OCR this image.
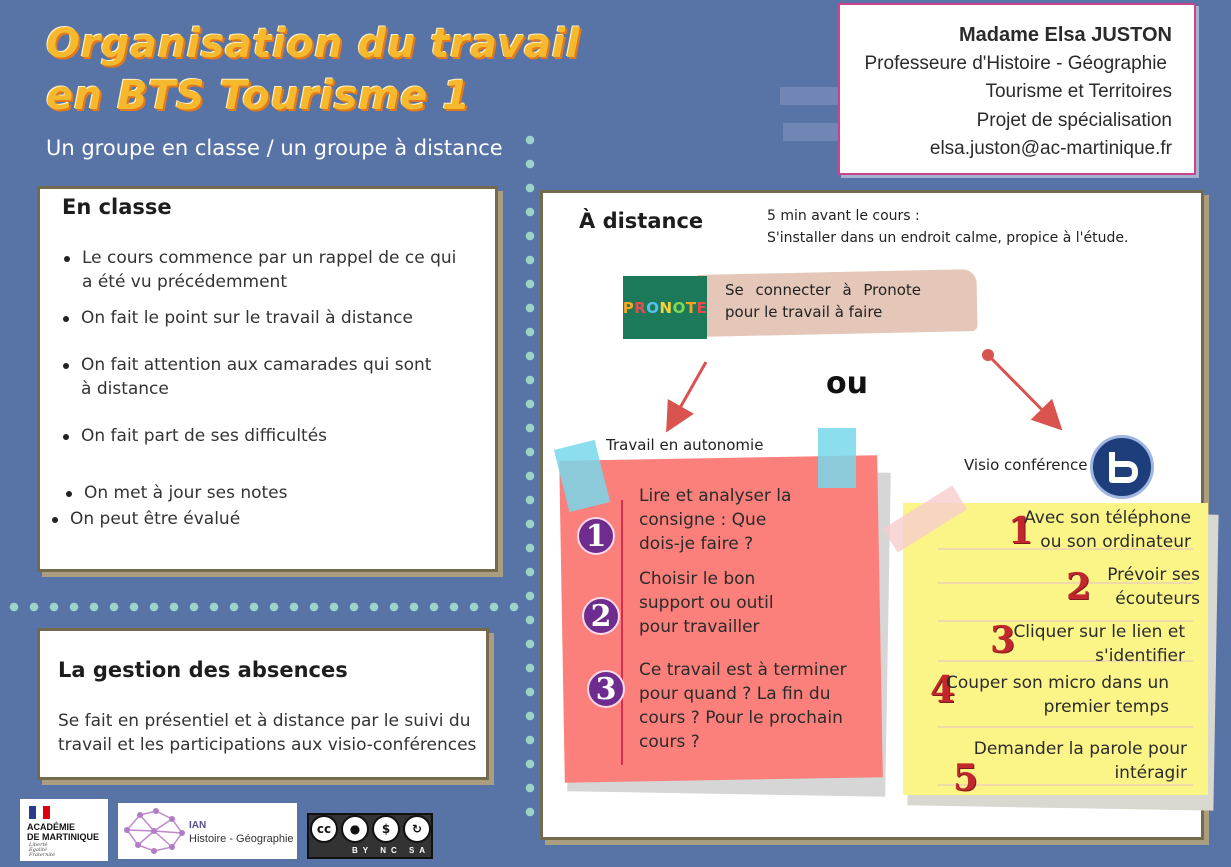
Organisation du travail
en BTS Tourisme 1
Un groupe en classe / un groupe à distance
Madame Elsa JUSTON
Professeure d'Histoire - Géographie
Tourisme et Territoires
Projet de spécialisation
elsa.juston@ac-martinique.fr
En classe
Le cours commence par un rappel de ce qui a été vu précédemment
On fait le point sur le travail à distance
On fait attention aux camarades qui sont à distance
On fait part de ses difficultés
On met à jour ses notes
On peut être évalué
La gestion des absences

Se fait en présentiel et à distance par le suivi du travail et les participations aux visio-conférences

À distance	5 min avant le cours :
S'installer dans un endroit calme, propice à l'étude.
PRONOTE
Se connecter à Pronote pour le travail à faire
ou
Travail en autonomie
Visio conférence
1
Lire et analyser la consigne : Que dois-je faire ?
2
Choisir le bon support ou outil pour travailler
3
Ce travail est à terminer pour quand ? La fin du cours ? Pour le prochain cours ?
1
Avec son téléphone
ou son ordinateur
2 Prévoir ses
écouteurs
3
Cliquer sur le lien et
s'identifier
4
Couper son micro dans un
premier temps
5
Demander la parole pour
intéragir
ACADÉMIE
DE MARTINIQUE
Liberté Égalité Fraternité
IAN
Histoire - Géographie
cc	●	$	↻
BY NC SA
